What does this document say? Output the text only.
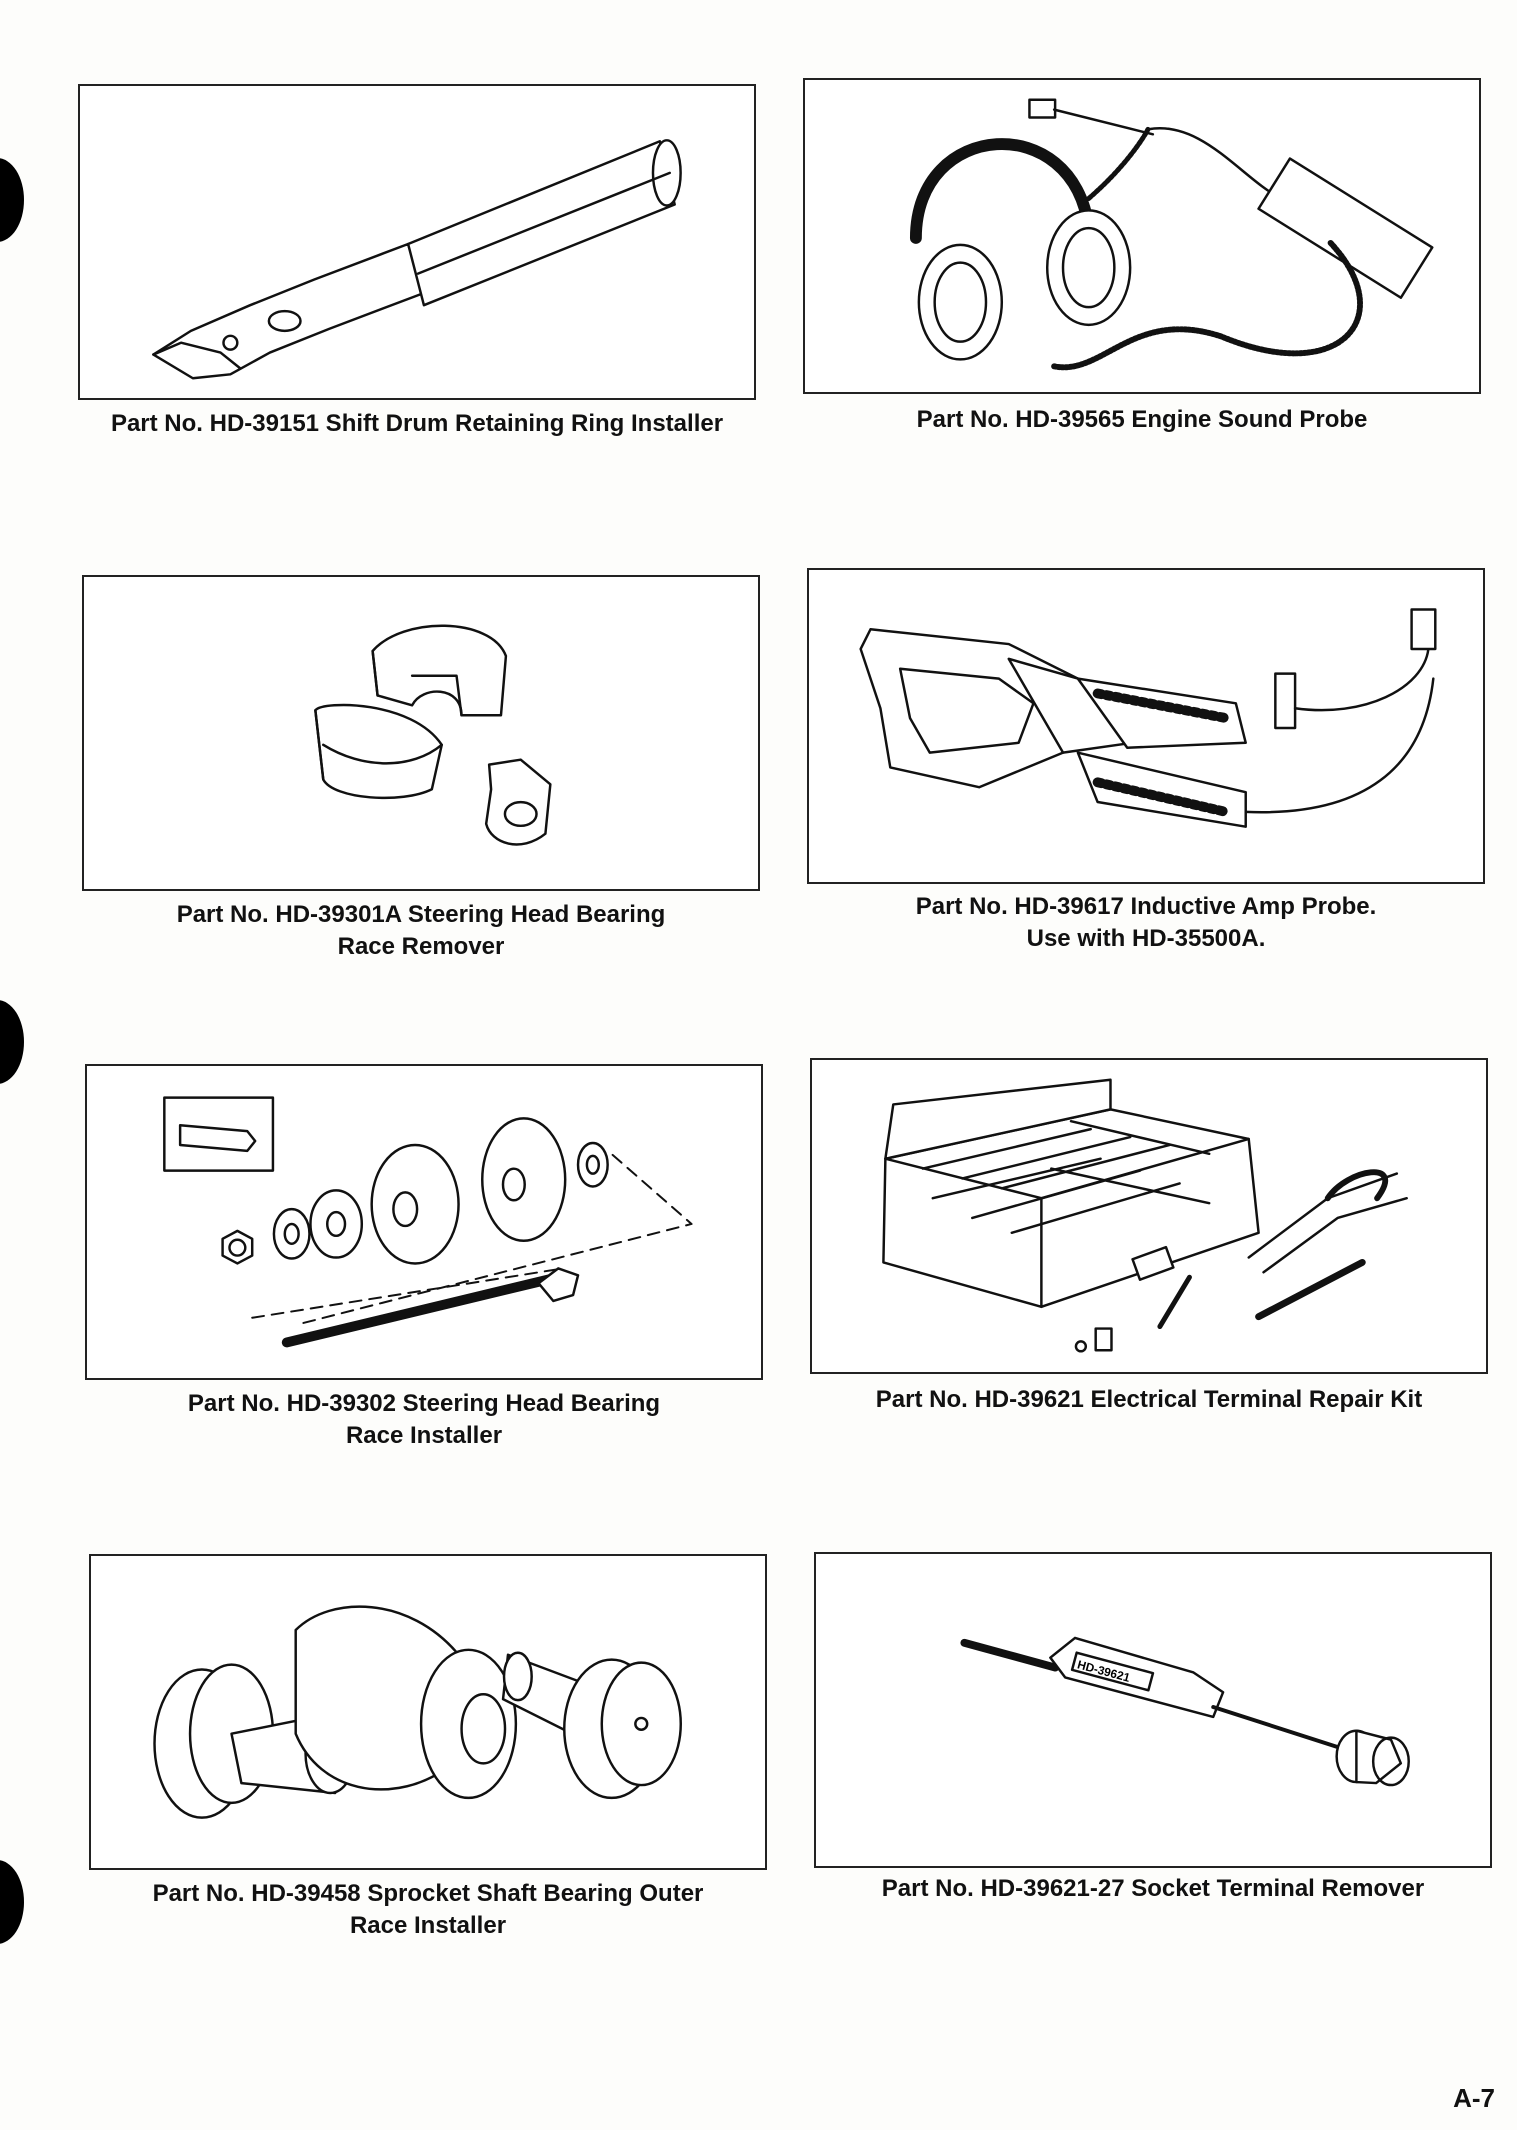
Part No. HD-39151 Shift Drum Retaining Ring Installer	Part No. HD-39565 Engine Sound Probe
Part No. HD-39301A Steering Head Bearing
Race Remover
Part No. HD-39617 Inductive Amp Probe.
Use with HD-35500A.
Part No. HD-39302 Steering Head Bearing
Race Installer
Part No. HD-39621 Electrical Terminal Repair Kit
Part No. HD-39458 Sprocket Shaft Bearing Outer
Race Installer
HD-39621
Part No. HD-39621-27 Socket Terminal Remover
A-7
